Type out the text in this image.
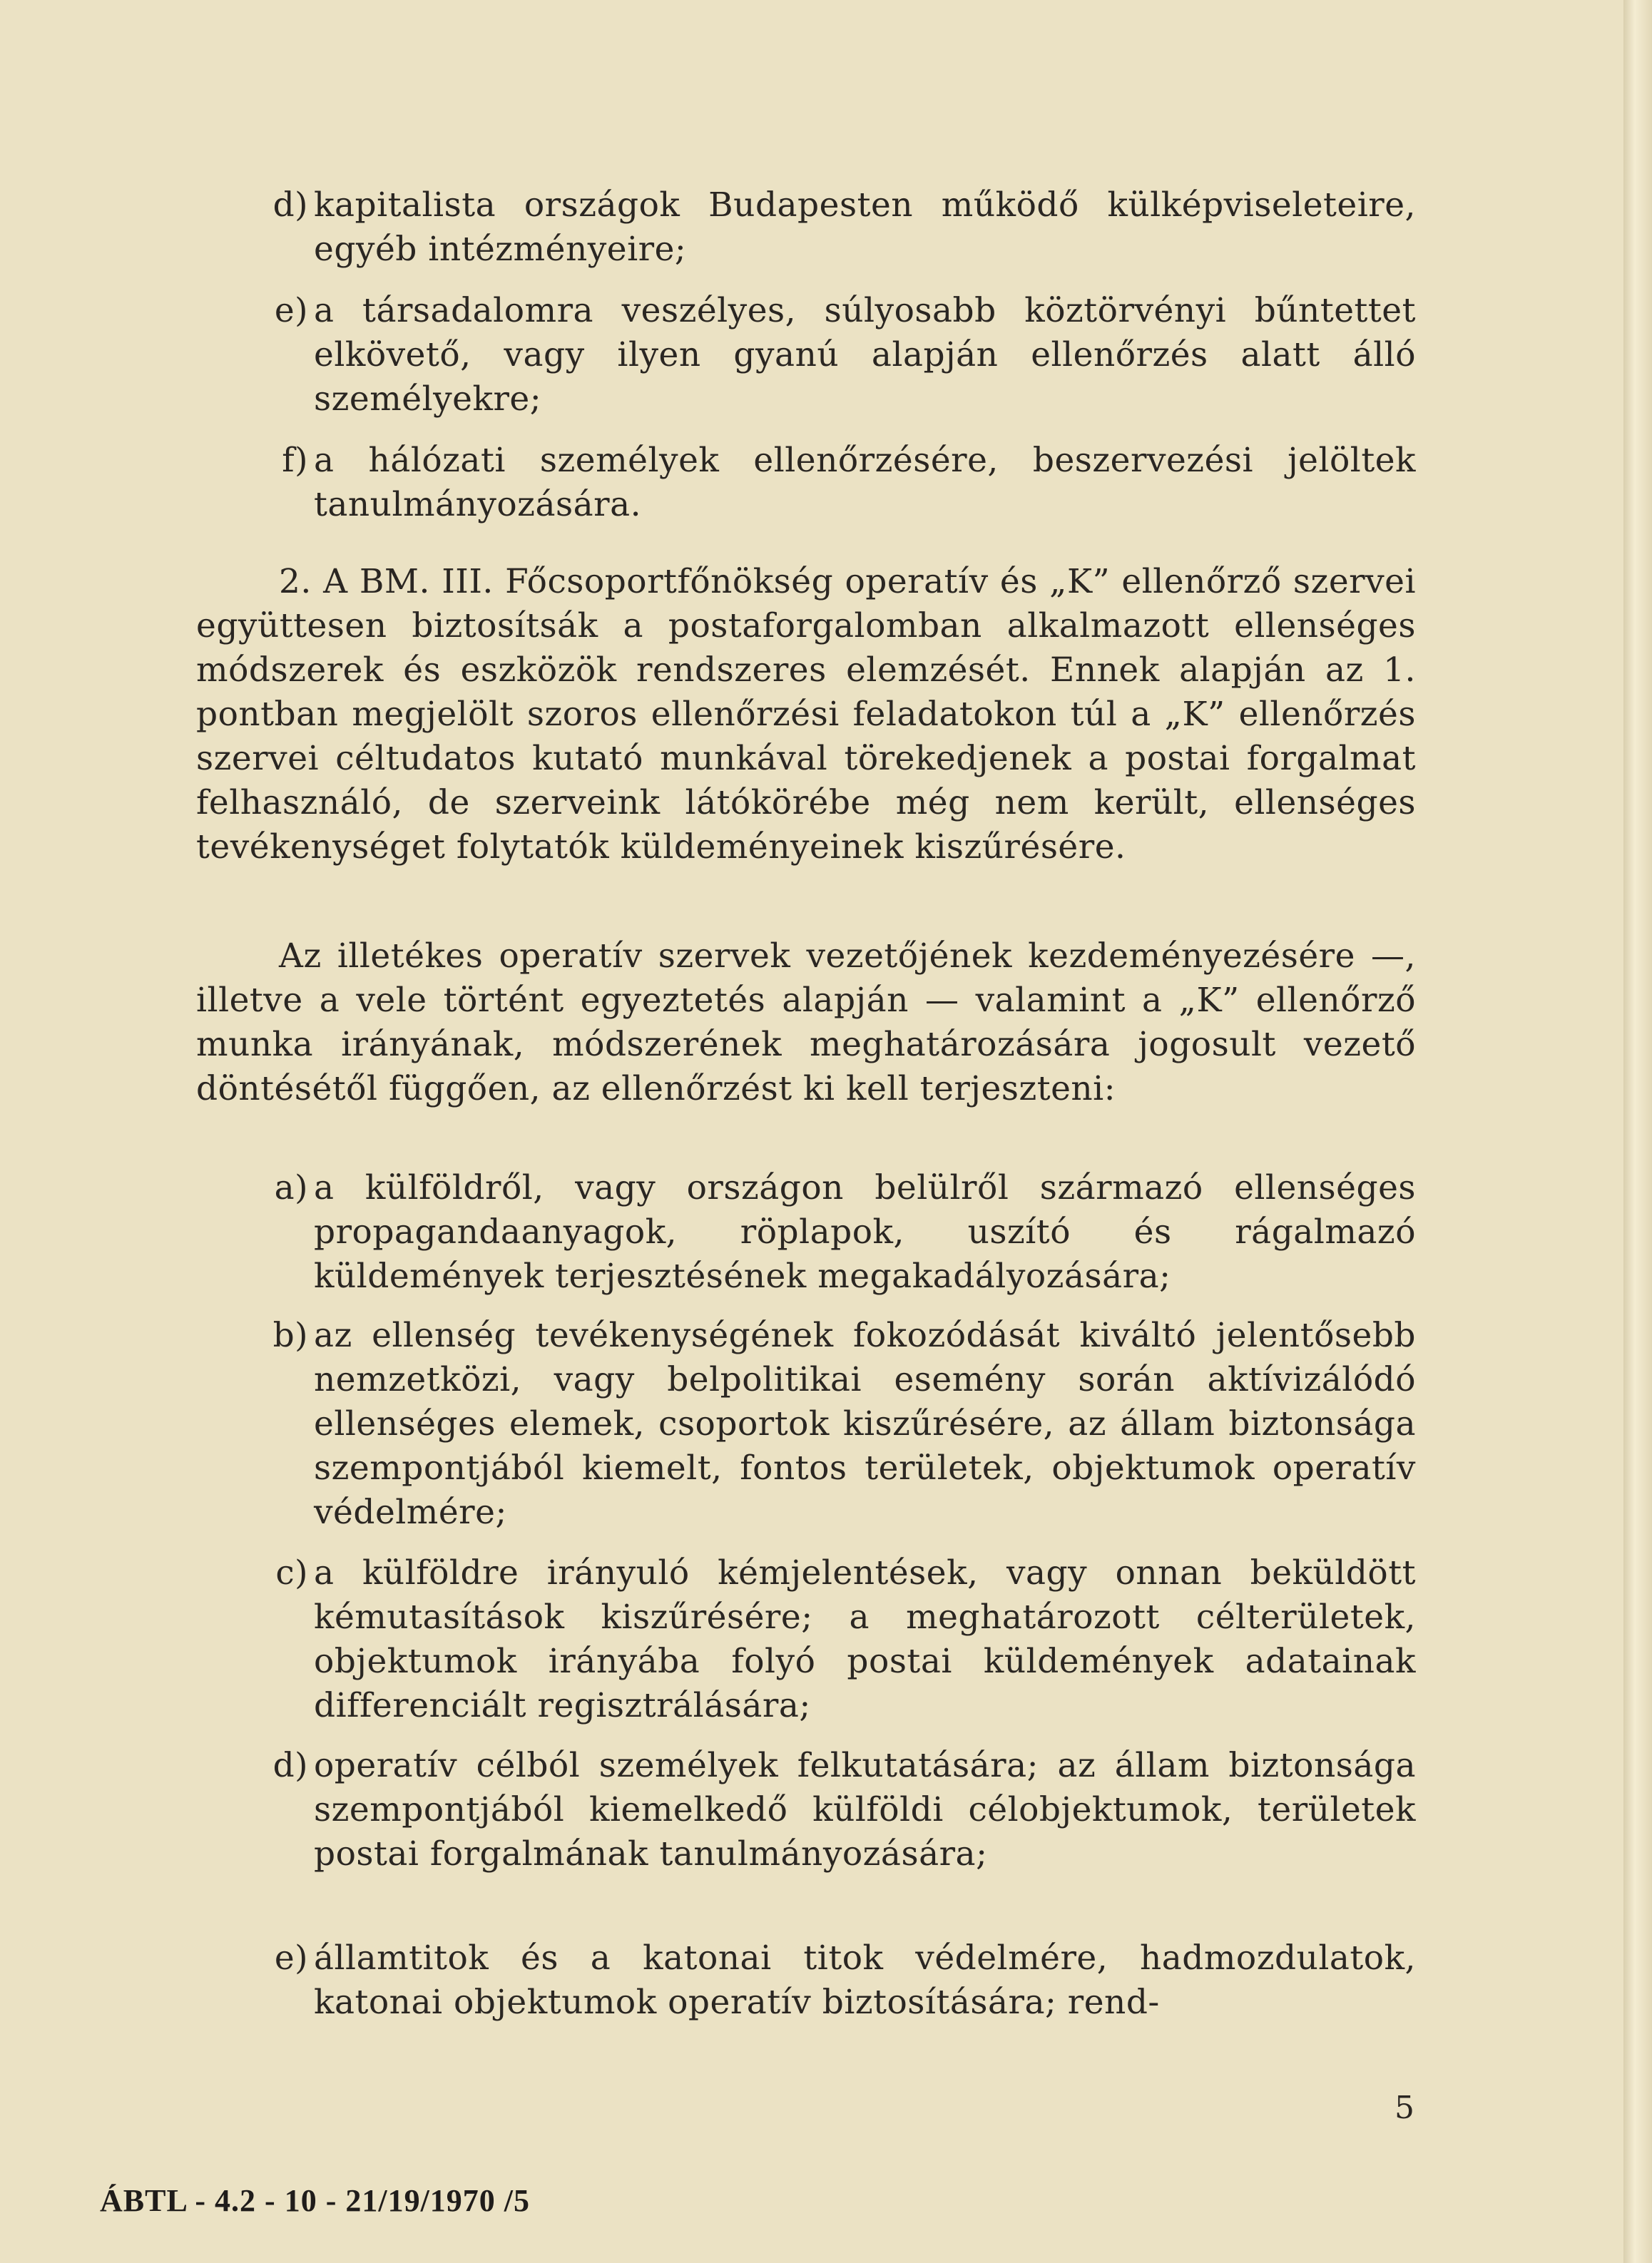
d) kapitalista országok Budapesten működő külképviseleteire, egyéb intézményeire;
e) a társadalomra veszélyes, súlyosabb köztörvényi bűntettet elkövető, vagy ilyen gyanú alapján ellenőrzés alatt álló személyekre;
f) a hálózati személyek ellenőrzésére, beszervezési jelöltek tanulmányozására.
2. A BM. III. Főcsoportfőnökség operatív és „K” ellenőrző szervei együttesen biztosítsák a postaforgalomban alkalmazott ellenséges módszerek és eszközök rendszeres elemzését. Ennek alapján az 1. pontban megjelölt szoros ellenőrzési feladatokon túl a „K” ellenőrzés szervei céltudatos kutató munkával törekedjenek a postai forgalmat felhasználó, de szerveink látókörébe még nem került, ellenséges tevékenységet folytatók küldeményeinek kiszűrésére.
Az illetékes operatív szervek vezetőjének kezdeményezésére —, illetve a vele történt egyeztetés alapján — valamint a „K” ellenőrző munka irányának, módszerének meghatározására jogosult vezető döntésétől függően, az ellenőrzést ki kell terjeszteni:
a) a külföldről, vagy országon belülről származó ellenséges propagandaanyagok, röplapok, uszító és rágalmazó küldemények terjesztésének megakadályozására;
b) az ellenség tevékenységének fokozódását kiváltó jelentősebb nemzetközi, vagy belpolitikai esemény során aktívizálódó ellenséges elemek, csoportok kiszűrésére, az állam biztonsága szempontjából kiemelt, fontos területek, objektumok operatív védelmére;
c) a külföldre irányuló kémjelentések, vagy onnan beküldött kémutasítások kiszűrésére; a meghatározott célterületek, objektumok irányába folyó postai küldemények adatainak differenciált regisztrálására;
d) operatív célból személyek felkutatására; az állam biztonsága szempontjából kiemelkedő külföldi célobjektumok, területek postai forgalmának tanulmányozására;
e) államtitok és a katonai titok védelmére, hadmozdulatok, katonai objektumok operatív biztosítására; rend-
5
ÁBTL - 4.2 - 10 - 21/19/1970 /5
